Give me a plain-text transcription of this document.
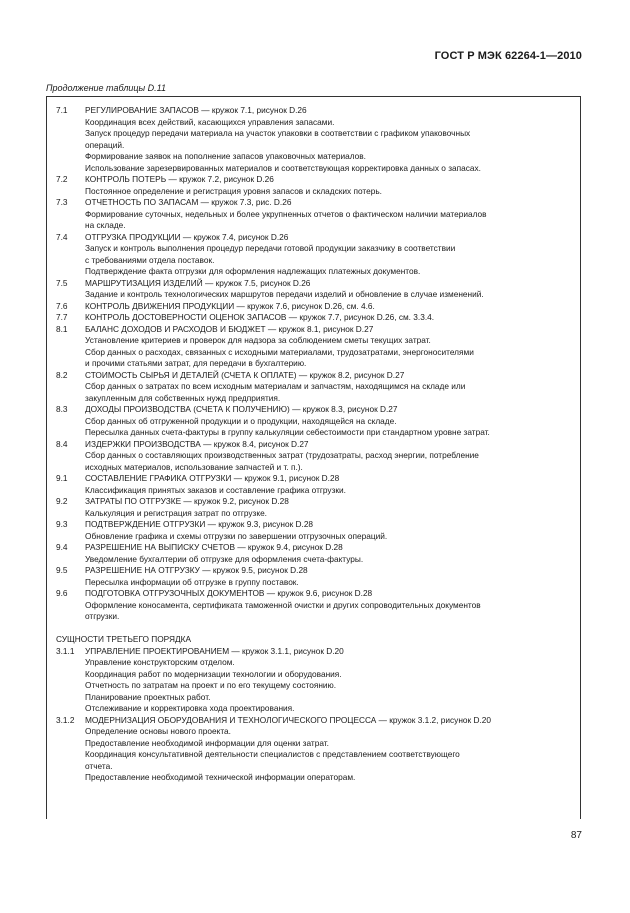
ГОСТ Р МЭК 62264-1—2010
Продолжение таблицы D.11
7.1	РЕГУЛИРОВАНИЕ ЗАПАСОВ — кружок 7.1, рисунок D.26
Координация всех действий, касающихся управления запасами.
Запуск процедур передачи материала на участок упаковки в соответствии с графиком упаковочных
операций.
Формирование заявок на пополнение запасов упаковочных материалов.
Использование зарезервированных материалов и соответствующая корректировка данных о запасах.
7.2	КОНТРОЛЬ ПОТЕРЬ — кружок 7.2, рисунок D.26
Постоянное определение и регистрация уровня запасов и складских потерь.
7.3	ОТЧЕТНОСТЬ ПО ЗАПАСАМ — кружок 7.3, рис. D.26
Формирование суточных, недельных и более укрупненных отчетов о фактическом наличии материалов
на складе.
7.4	ОТГРУЗКА ПРОДУКЦИИ — кружок 7.4, рисунок D.26
Запуск и контроль выполнения процедур передачи готовой продукции заказчику в соответствии
с требованиями отдела поставок.
Подтверждение факта отгрузки для оформления надлежащих платежных документов.
7.5	МАРШРУТИЗАЦИЯ ИЗДЕЛИЙ — кружок 7.5, рисунок D.26
Задание и контроль технологических маршрутов передачи изделий и обновление в случае изменений.
7.6	КОНТРОЛЬ ДВИЖЕНИЯ ПРОДУКЦИИ — кружок 7.6, рисунок D.26, см. 4.6.
7.7	КОНТРОЛЬ ДОСТОВЕРНОСТИ ОЦЕНОК ЗАПАСОВ — кружок 7.7, рисунок D.26, см. 3.3.4.
8.1	БАЛАНС ДОХОДОВ И РАСХОДОВ И БЮДЖЕТ — кружок 8.1, рисунок D.27
Установление критериев и проверок для надзора за соблюдением сметы текущих затрат.
Сбор данных о расходах, связанных с исходными материалами, трудозатратами, энергоносителями
и прочими статьями затрат, для передачи в бухгалтерию.
8.2	СТОИМОСТЬ СЫРЬЯ И ДЕТАЛЕЙ (СЧЕТА К ОПЛАТЕ) — кружок 8.2, рисунок D.27
Сбор данных о затратах по всем исходным материалам и запчастям, находящимся на складе или
закупленным для собственных нужд предприятия.
8.3	ДОХОДЫ ПРОИЗВОДСТВА (СЧЕТА К ПОЛУЧЕНИЮ) — кружок 8.3, рисунок D.27
Сбор данных об отгруженной продукции и о продукции, находящейся на складе.
Пересылка данных счета-фактуры в группу калькуляции себестоимости при стандартном уровне затрат.
8.4	ИЗДЕРЖКИ ПРОИЗВОДСТВА — кружок 8.4, рисунок D.27
Сбор данных о составляющих производственных затрат (трудозатраты, расход энергии, потребление
исходных материалов, использование запчастей и т. п.).
9.1	СОСТАВЛЕНИЕ ГРАФИКА ОТГРУЗКИ — кружок 9.1, рисунок D.28
Классификация принятых заказов и составление графика отгрузки.
9.2	ЗАТРАТЫ ПО ОТГРУЗКЕ — кружок 9.2, рисунок D.28
Калькуляция и регистрация затрат по отгрузке.
9.3	ПОДТВЕРЖДЕНИЕ ОТГРУЗКИ — кружок 9.3, рисунок D.28
Обновление графика и схемы отгрузки по завершении отгрузочных операций.
9.4	РАЗРЕШЕНИЕ НА ВЫПИСКУ СЧЕТОВ — кружок 9.4, рисунок D.28
Уведомление бухгалтерии об отгрузке для оформления счета-фактуры.
9.5	РАЗРЕШЕНИЕ НА ОТГРУЗКУ — кружок 9.5, рисунок D.28
Пересылка информации об отгрузке в группу поставок.
9.6	ПОДГОТОВКА ОТГРУЗОЧНЫХ ДОКУМЕНТОВ — кружок 9.6, рисунок D.28
Оформление коносамента, сертификата таможенной очистки и других сопроводительных документов
отгрузки.
СУЩНОСТИ ТРЕТЬЕГО ПОРЯДКА
3.1.1	УПРАВЛЕНИЕ ПРОЕКТИРОВАНИЕМ — кружок 3.1.1, рисунок D.20
Управление конструкторским отделом.
Координация работ по модернизации технологии и оборудования.
Отчетность по затратам на проект и по его текущему состоянию.
Планирование проектных работ.
Отслеживание и корректировка хода проектирования.
3.1.2	МОДЕРНИЗАЦИЯ ОБОРУДОВАНИЯ И ТЕХНОЛОГИЧЕСКОГО ПРОЦЕССА — кружок 3.1.2, рисунок D.20
Определение основы нового проекта.
Предоставление необходимой информации для оценки затрат.
Координация консультативной деятельности специалистов с представлением соответствующего
отчета.
Предоставление необходимой технической информации операторам.
87
